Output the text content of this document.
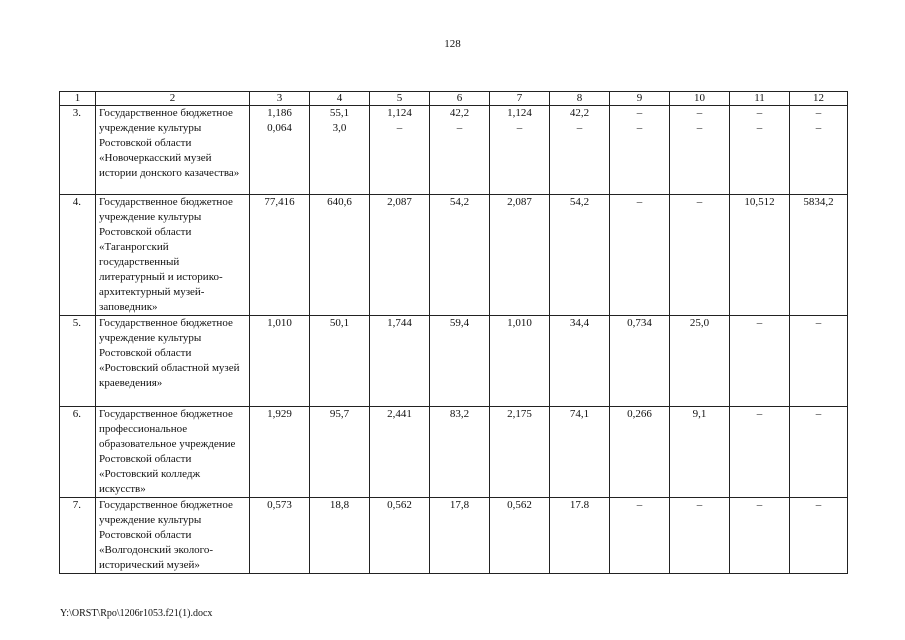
128
1	2	3	4	5	6	7	8	9	10	11	12
3.	Государственное бюджетное учреждение культуры Ростовской области «Новочеркасский музей истории донского казачества»	1,186	55,1	1,124	42,2	1,124	42,2	–	–	–	–
		0,064	3,0	–	–	–	–	–	–	–	–
4.	Государственное бюджетное учреждение культуры Ростовской области «Таганрогский государственный литературный и историко-архитектурный музей-заповедник»	77,416	640,6	2,087	54,2	2,087	54,2	–	–	10,512	5834,2
5.	Государственное бюджетное учреждение культуры Ростовской области «Ростовский областной музей краеведения»	1,010	50,1	1,744	59,4	1,010	34,4	0,734	25,0	–	–
6.	Государственное бюджетное профессиональное образовательное учреждение Ростовской области «Ростовский колледж искусств»	1,929	95,7	2,441	83,2	2,175	74,1	0,266	9,1	–	–
7.	Государственное бюджетное учреждение культуры Ростовской области «Волгодонский эколого-исторический музей»	0,573	18,8	0,562	17,8	0,562	17.8	–	–	–	–
Y:\ORST\Rpo\1206r1053.f21(1).docx
